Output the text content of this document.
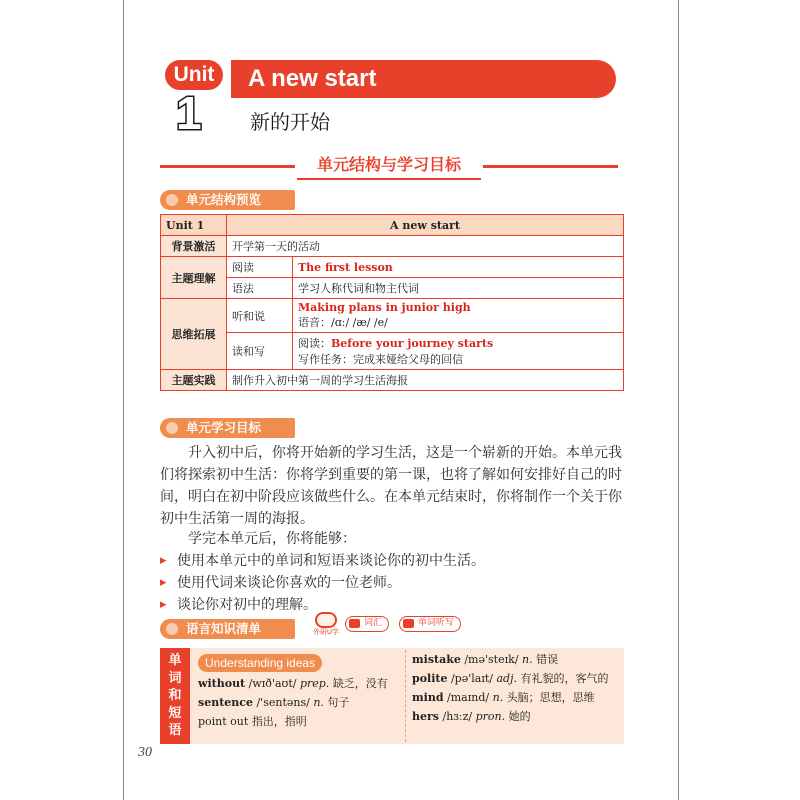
Unit
1
A new start
新的开始
单元结构与学习目标
单元结构预览
Unit 1	A new start	
背景激活	开学第一天的活动	
主题理解	阅读	The first lesson
	语法	学习人称代词和物主代词
思维拓展	听和说	Making plans in junior high
语音：/ɑː/ /æ/ /e/

	读和写	阅读：Before your journey starts
写作任务：完成来娅给父母的回信

主题实践	制作升入初中第一周的学习生活海报	
单元学习目标

升入初中后，你将开始新的学习生活，这是一个崭新的开始。本单元我们将探索初中生活：你将学到重要的第一课，也将了解如何安排好自己的时间，明白在初中阶段应该做些什么。在本单元结束时，你将制作一个关于你初中生活第一周的海报。

学完本单元后，你将能够：

▸ 使用本单元中的单词和短语来谈论你的初中生活。
▸ 使用代词来谈论你喜欢的一位老师。
▸ 谈论你对初中的理解。
语言知识清单	外研U学
词汇	单词听写
单
词
和
短
语
Understanding ideas
without /wɪð'aʊt/ prep. 缺乏，没有
sentence /'sentəns/ n. 句子
point out 指出，指明
mistake /mə'steɪk/ n. 错误
polite /pə'laɪt/ adj. 有礼貌的，客气的
mind /maɪnd/ n. 头脑；思想，思维
hers /hɜːz/ pron. 她的
30
